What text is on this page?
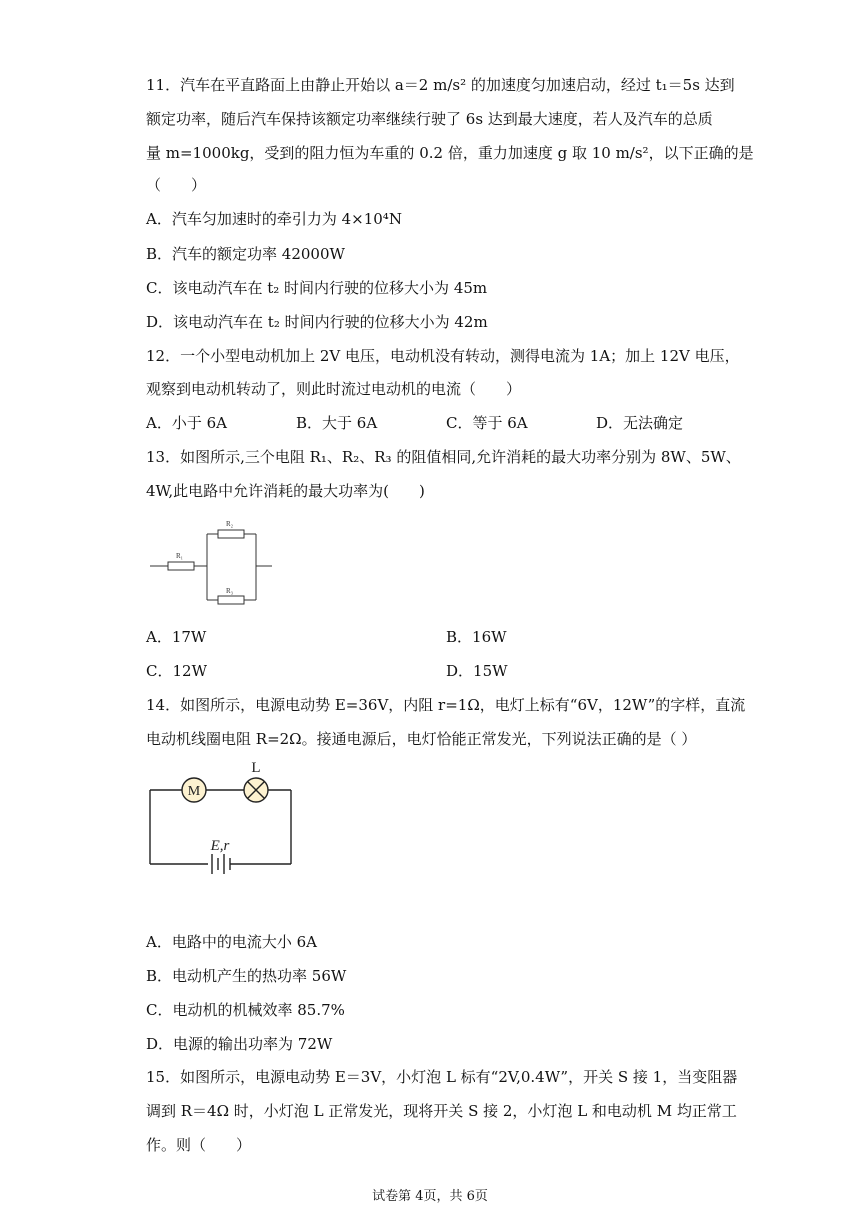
11．汽车在平直路面上由静止开始以 a＝2 m/s² 的加速度匀加速启动，经过 t₁＝5s 达到
额定功率，随后汽车保持该额定功率继续行驶了 6s 达到最大速度，若人及汽车的总质
量 m=1000kg，受到的阻力恒为车重的 0.2 倍，重力加速度 g 取 10 m/s²，以下正确的是
（　　）
A．汽车匀加速时的牵引力为 4×10⁴N
B．汽车的额定功率 42000W
C．该电动汽车在 t₂ 时间内行驶的位移大小为 45m
D．该电动汽车在 t₂ 时间内行驶的位移大小为 42m
12．一个小型电动机加上 2V 电压，电动机没有转动，测得电流为 1A；加上 12V 电压，
观察到电动机转动了，则此时流过电动机的电流（　　）
A．小于 6A	B．大于 6A	C．等于 6A	D．无法确定
13．如图所示,三个电阻 R₁、R₂、R₃ 的阻值相同,允许消耗的最大功率分别为 8W、5W、
4W,此电路中允许消耗的最大功率为(　　)
R₁
R₂
R₃
A．17W	B．16W
C．12W	D．15W
14．如图所示，电源电动势 E=36V，内阻 r=1Ω，电灯上标有“6V，12W”的字样，直流
电动机线圈电阻 R=2Ω。接通电源后，电灯恰能正常发光，下列说法正确的是（ ）
M
L
E,r
A．电路中的电流大小 6A
B．电动机产生的热功率 56W
C．电动机的机械效率 85.7%
D．电源的输出功率为 72W
15．如图所示，电源电动势 E＝3V，小灯泡 L 标有“2V,0.4W”，开关 S 接 1，当变阻器
调到 R＝4Ω 时，小灯泡 L 正常发光，现将开关 S 接 2，小灯泡 L 和电动机 M 均正常工
作。则（　　）
试卷第 4页，共 6页
